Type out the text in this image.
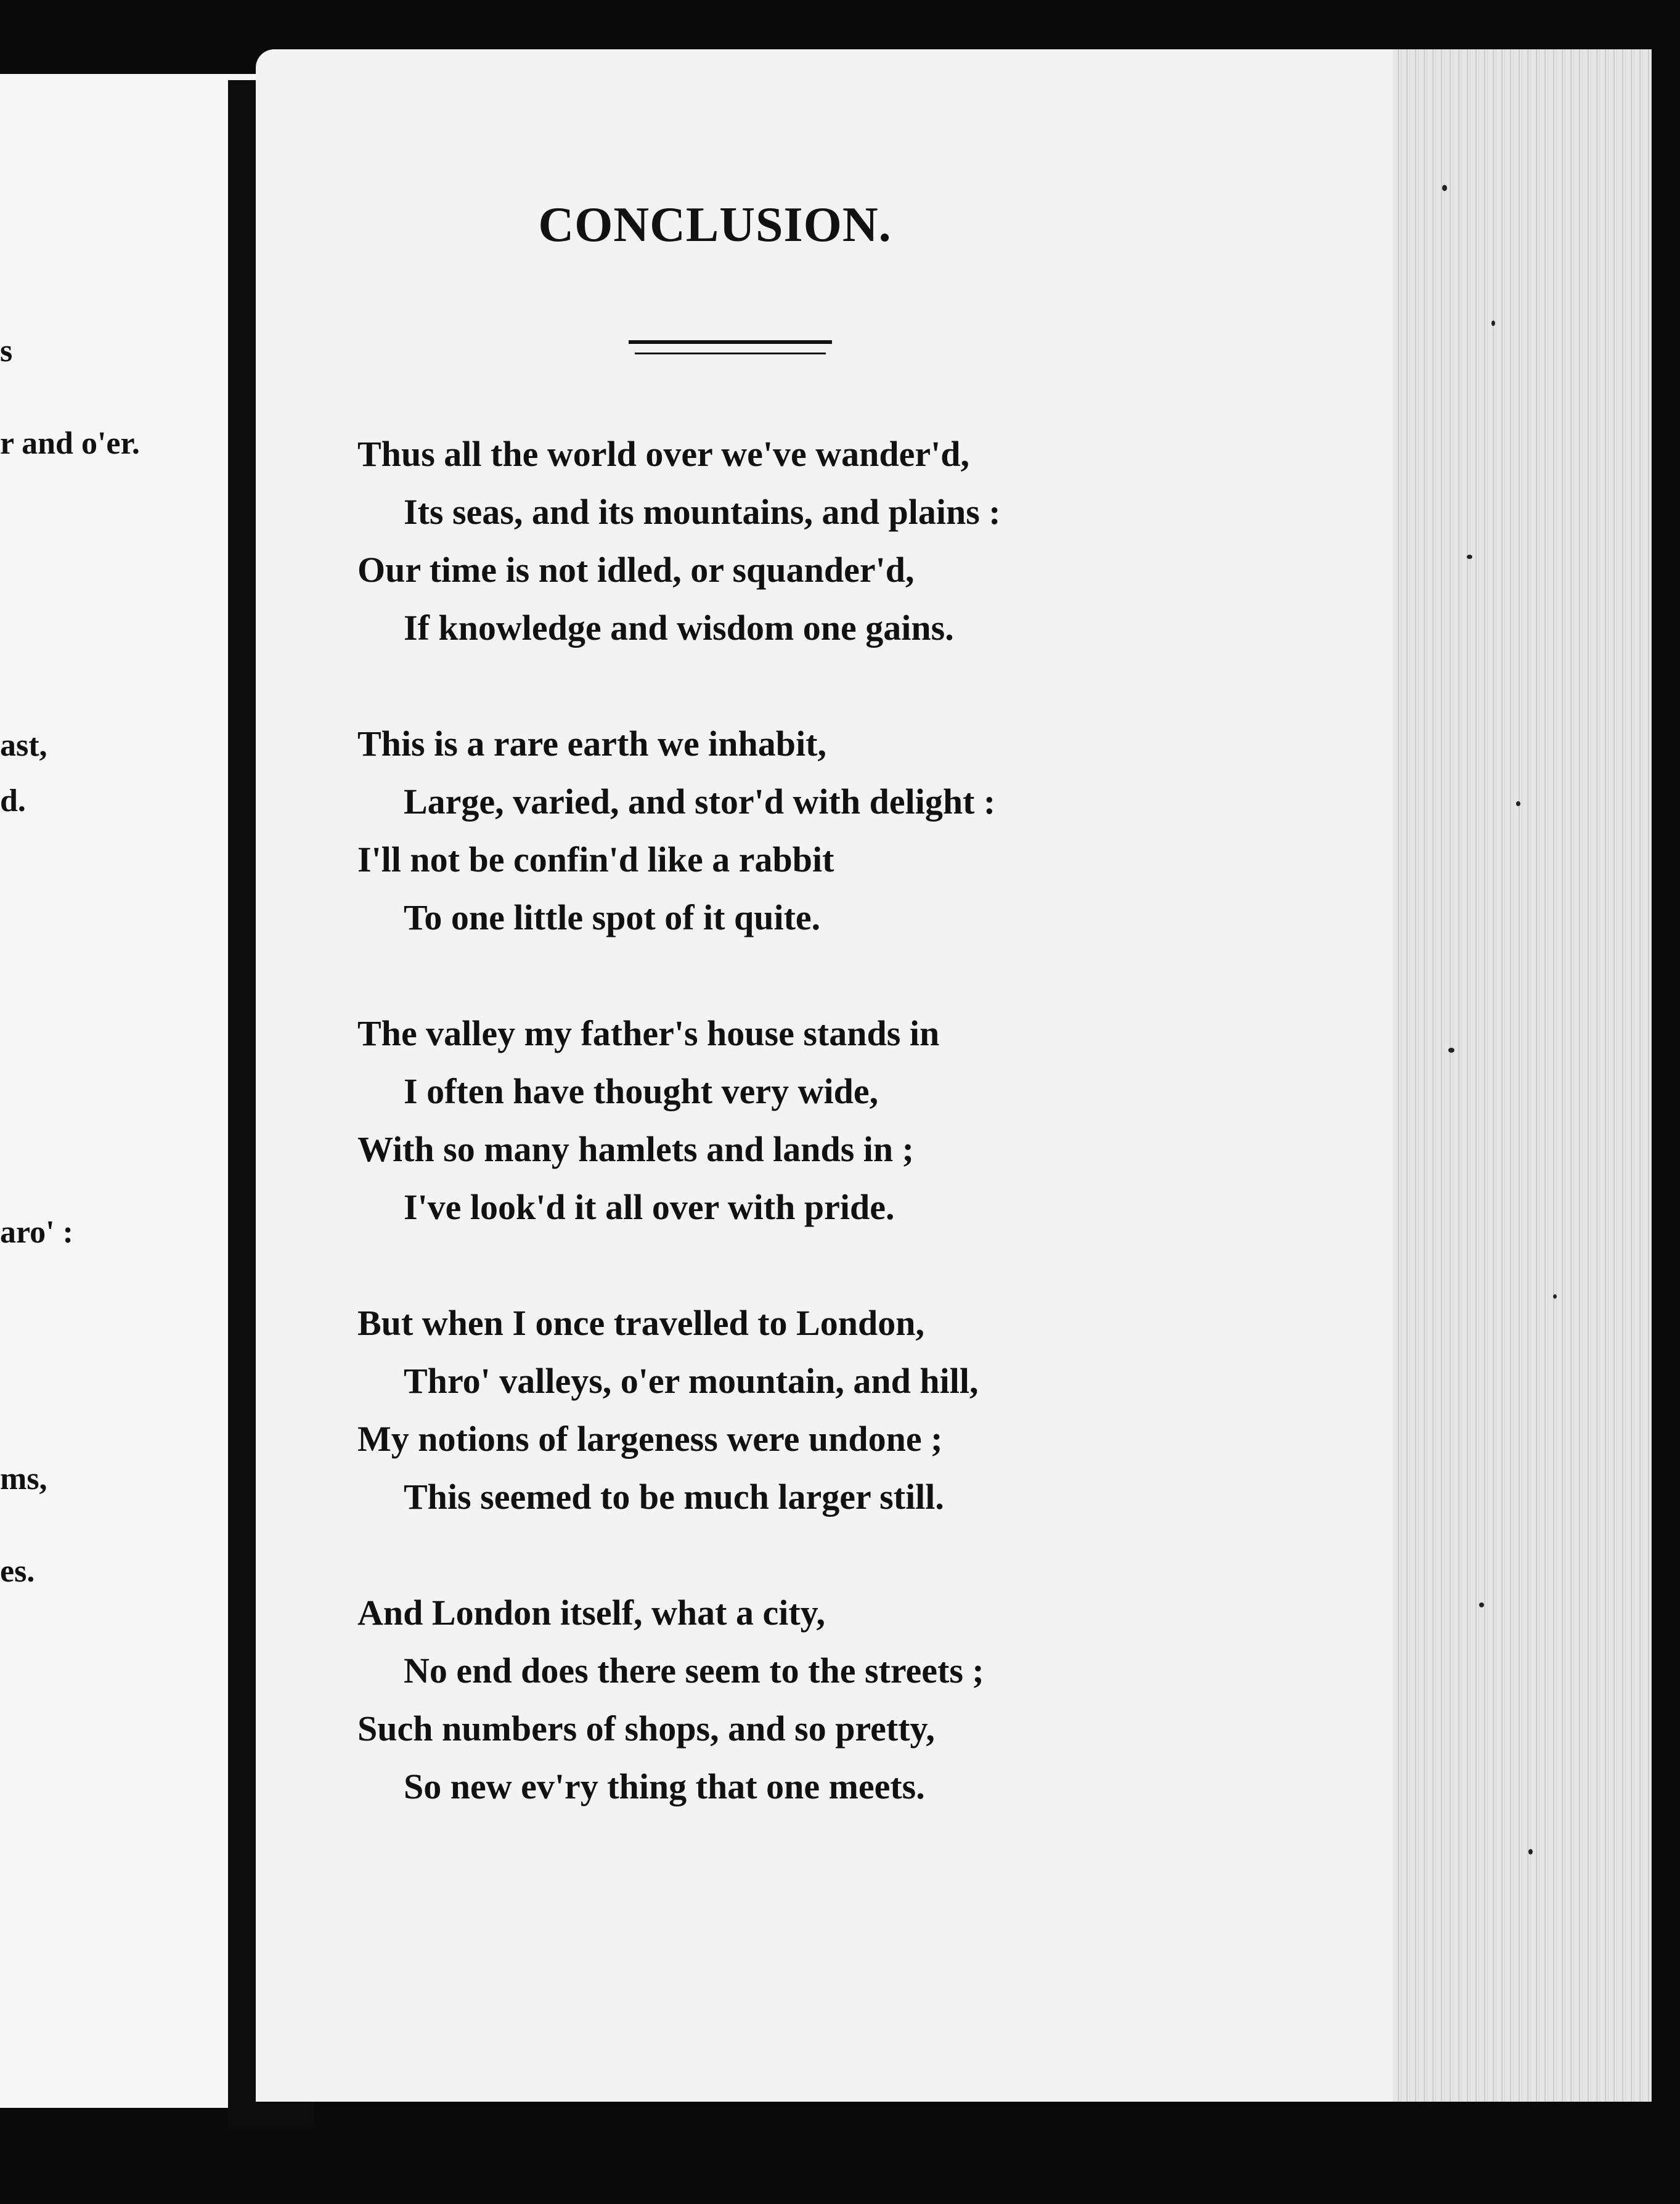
r and o'er.
s
ast,
d.
aro' :
ms,
es.
CONCLUSION.
Thus all the world over we've wander'd,
Its seas, and its mountains, and plains :
Our time is not idled, or squander'd,
If knowledge and wisdom one gains.
This is a rare earth we inhabit,
Large, varied, and stor'd with delight :
I'll not be confin'd like a rabbit
To one little spot of it quite.
The valley my father's house stands in
I often have thought very wide,
With so many hamlets and lands in ;
I've look'd it all over with pride.
But when I once travelled to London,
Thro' valleys, o'er mountain, and hill,
My notions of largeness were undone ;
This seemed to be much larger still.
And London itself, what a city,
No end does there seem to the streets ;
Such numbers of shops, and so pretty,
So new ev'ry thing that one meets.
